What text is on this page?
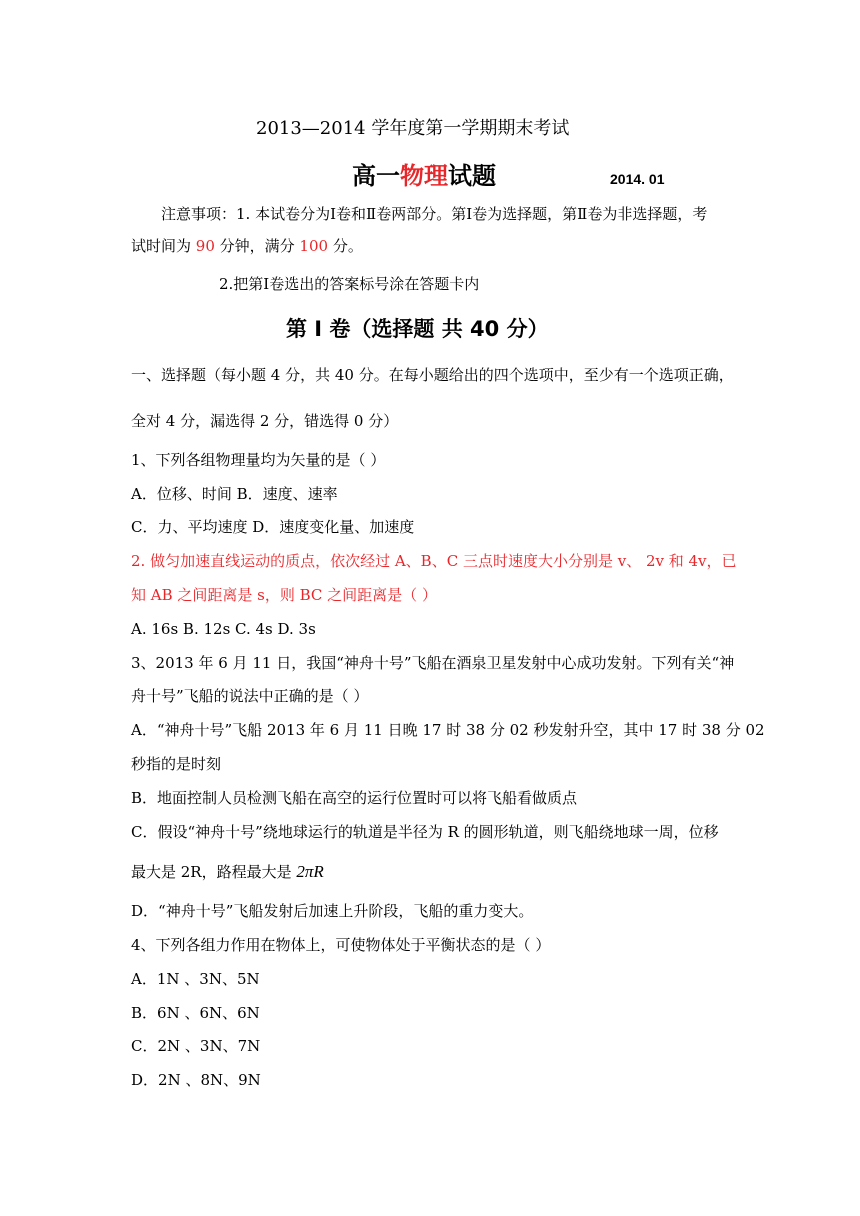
2013—2014 学年度第一学期期末考试
高一物理试题	2014. 01
注意事项：1. 本试卷分为Ⅰ卷和Ⅱ卷两部分。第Ⅰ卷为选择题，第Ⅱ卷为非选择题，考
试时间为 90 分钟，满分 100 分。
2.把第Ⅰ卷选出的答案标号涂在答题卡内
第 I 卷（选择题 共 40 分）
一、选择题（每小题 4 分，共 40 分。在每小题给出的四个选项中，至少有一个选项正确，
全对 4 分，漏选得 2 分，错选得 0 分）
1、下列各组物理量均为矢量的是（ ）
A．位移、时间 B．速度、速率
C．力、平均速度 D．速度变化量、加速度
2. 做匀加速直线运动的质点，依次经过 A、B、C 三点时速度大小分别是 v、 2v 和 4v，已
知 AB 之间距离是 s，则 BC 之间距离是（ ）
A. 16s B. 12s C. 4s D. 3s
3、2013 年 6 月 11 日，我国“神舟十号”飞船在酒泉卫星发射中心成功发射。下列有关“神
舟十号”飞船的说法中正确的是（ ）
A．“神舟十号”飞船 2013 年 6 月 11 日晚 17 时 38 分 02 秒发射升空，其中 17 时 38 分 02
秒指的是时刻
B．地面控制人员检测飞船在高空的运行位置时可以将飞船看做质点
C．假设“神舟十号”绕地球运行的轨道是半径为 R 的圆形轨道，则飞船绕地球一周，位移
最大是 2R，路程最大是 2πR
D．“神舟十号”飞船发射后加速上升阶段，飞船的重力变大。
4、下列各组力作用在物体上，可使物体处于平衡状态的是（ ）
A．1N 、3N、5N
B．6N 、6N、6N
C．2N 、3N、7N
D．2N 、8N、9N
